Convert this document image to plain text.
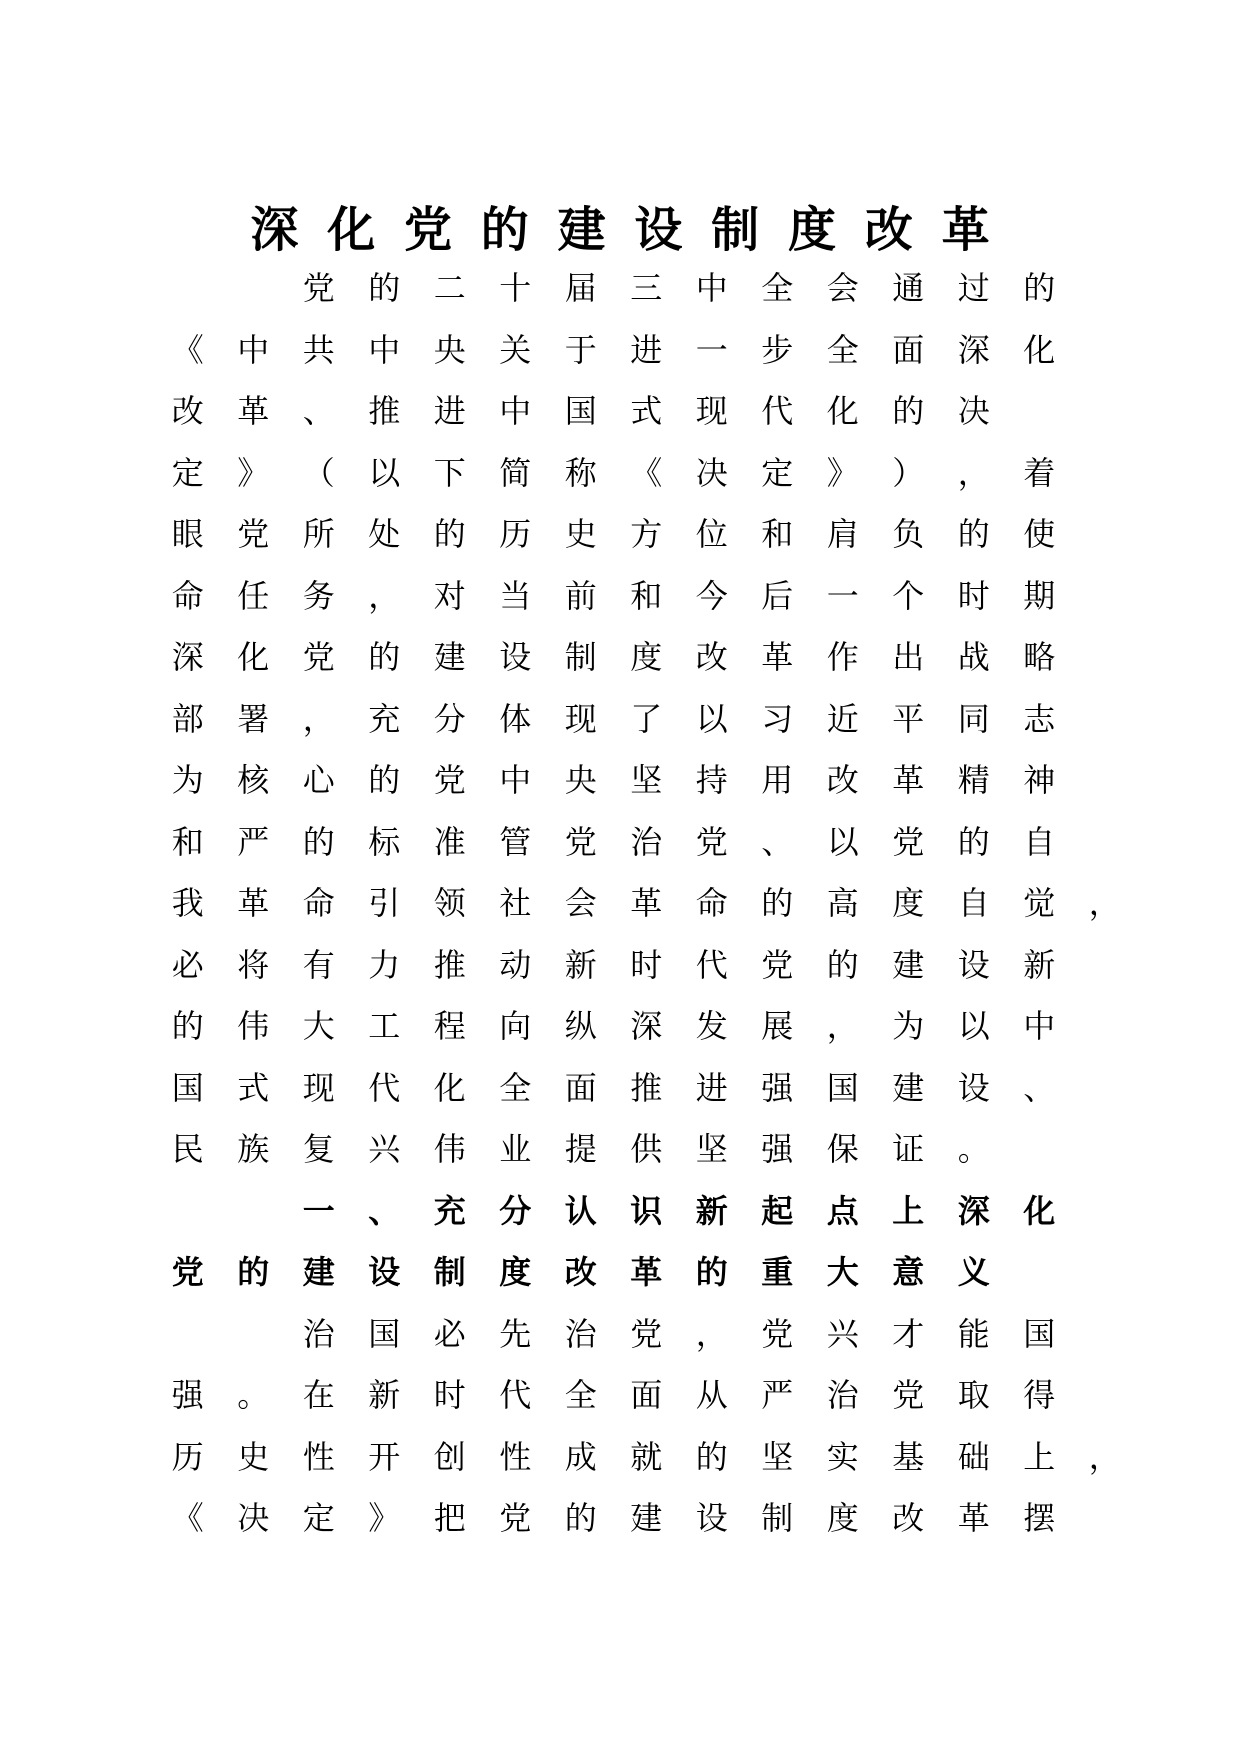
深化党的建设制度改革

党	的	二	十	届	三	中	全	会	通	过	的
《	中	共	中	央	关	于	进	一	步	全	面	深	化
改	革	、	推	进	中	国	式	现	代	化	的	决
定	》	（	以	下	简	称	《	决	定	》	）	，	着
眼	党	所	处	的	历	史	方	位	和	肩	负	的	使
命	任	务	，	对	当	前	和	今	后	一	个	时	期
深	化	党	的	建	设	制	度	改	革	作	出	战	略
部	署	，	充	分	体	现	了	以	习	近	平	同	志
为	核	心	的	党	中	央	坚	持	用	改	革	精	神
和	严	的	标	准	管	党	治	党	、	以	党	的	自
我	革	命	引	领	社	会	革	命	的	高	度	自	觉	，
必	将	有	力	推	动	新	时	代	党	的	建	设	新
的	伟	大	工	程	向	纵	深	发	展	，	为	以	中
国	式	现	代	化	全	面	推	进	强	国	建	设	、
民	族	复	兴	伟	业	提	供	坚	强	保	证	。

一	、	充	分	认	识	新	起	点	上	深	化
党	的	建	设	制	度	改	革	的	重	大	意	义

治	国	必	先	治	党	，	党	兴	才	能	国
强	。	在	新	时	代	全	面	从	严	治	党	取	得
历	史	性	开	创	性	成	就	的	坚	实	基	础	上	，
《	决	定	》	把	党	的	建	设	制	度	改	革	摆
